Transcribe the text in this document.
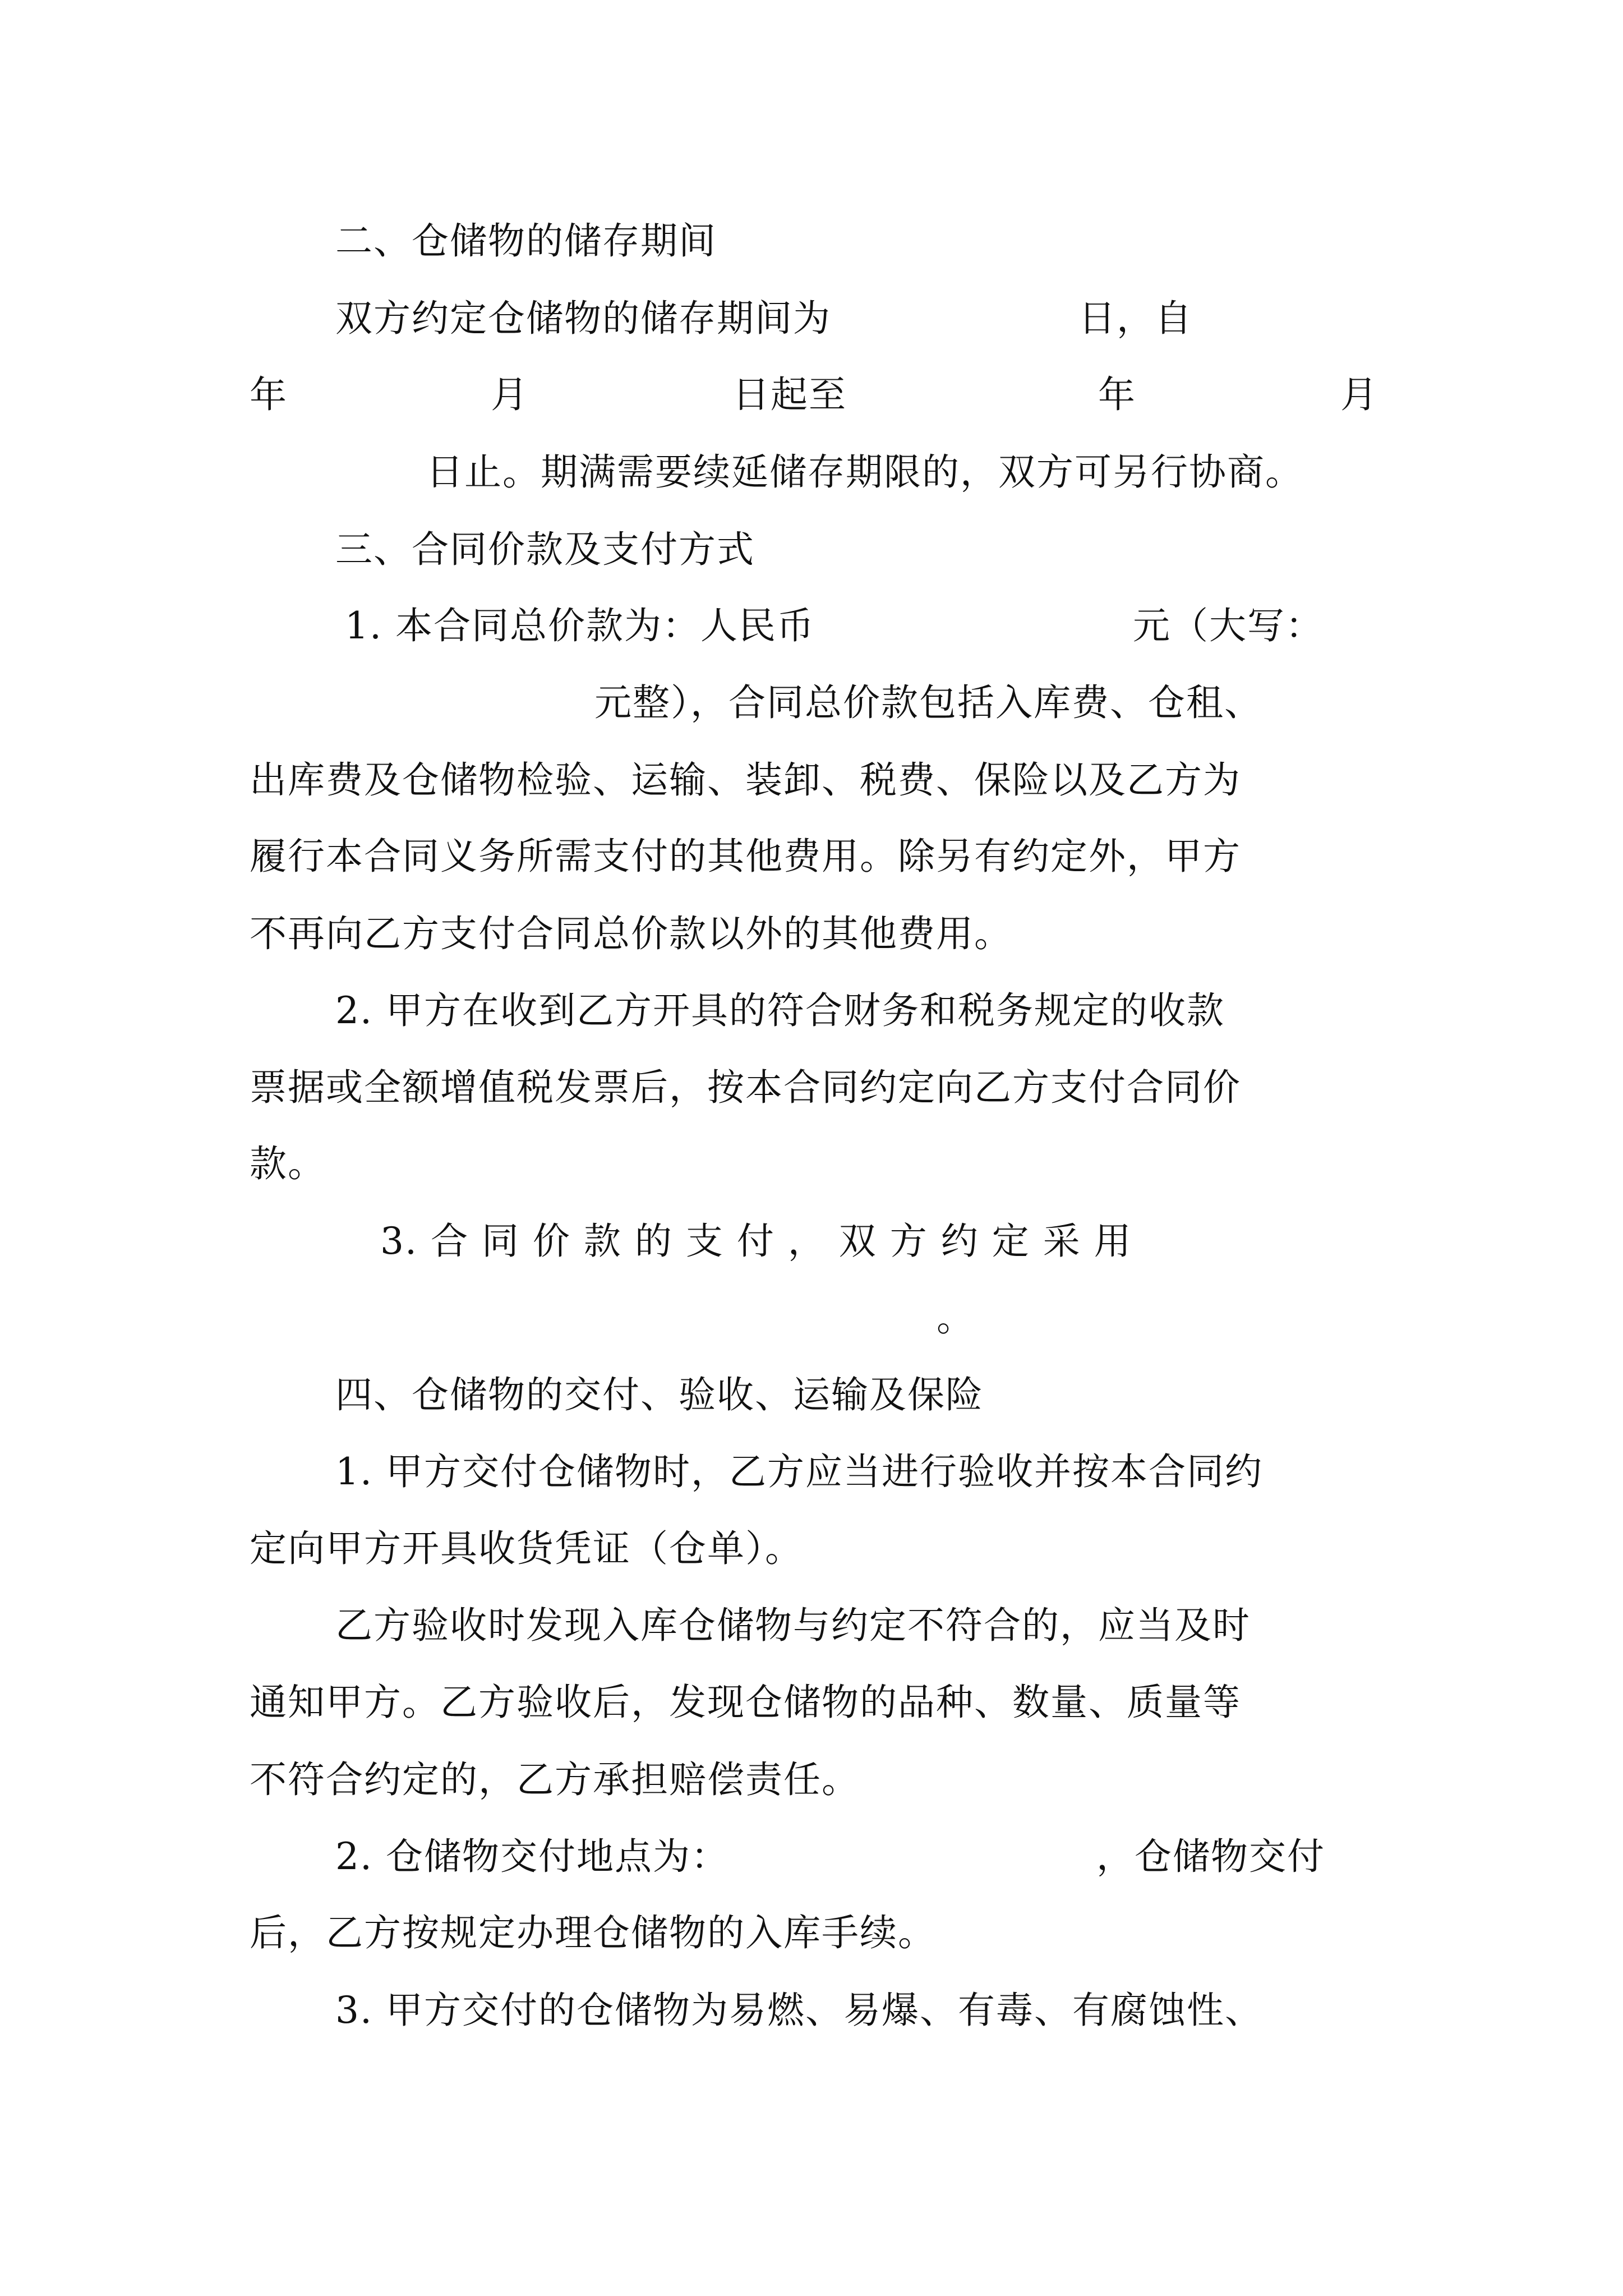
二、仓储物的储存期间
双方约定仓储物的储存期间为	日，自
年	月	日起至	年	月
日止。期满需要续延储存期限的，双方可另行协商。
三、合同价款及支付方式
1. 本合同总价款为：人民币	元（大写：
元整），合同总价款包括入库费、仓租、
出库费及仓储物检验、运输、装卸、税费、保险以及乙方为
履行本合同义务所需支付的其他费用。除另有约定外，甲方
不再向乙方支付合同总价款以外的其他费用。
2. 甲方在收到乙方开具的符合财务和税务规定的收款
票据或全额增值税发票后，按本合同约定向乙方支付合同价
款。
3. 合 同 价 款 的 支 付 ， 双 方 约 定 采 用
。
四、仓储物的交付、验收、运输及保险
1. 甲方交付仓储物时，乙方应当进行验收并按本合同约
定向甲方开具收货凭证（仓单）。
乙方验收时发现入库仓储物与约定不符合的，应当及时
通知甲方。乙方验收后，发现仓储物的品种、数量、质量等
不符合约定的，乙方承担赔偿责任。
2. 仓储物交付地点为：	，仓储物交付
后，乙方按规定办理仓储物的入库手续。
3. 甲方交付的仓储物为易燃、易爆、有毒、有腐蚀性、
